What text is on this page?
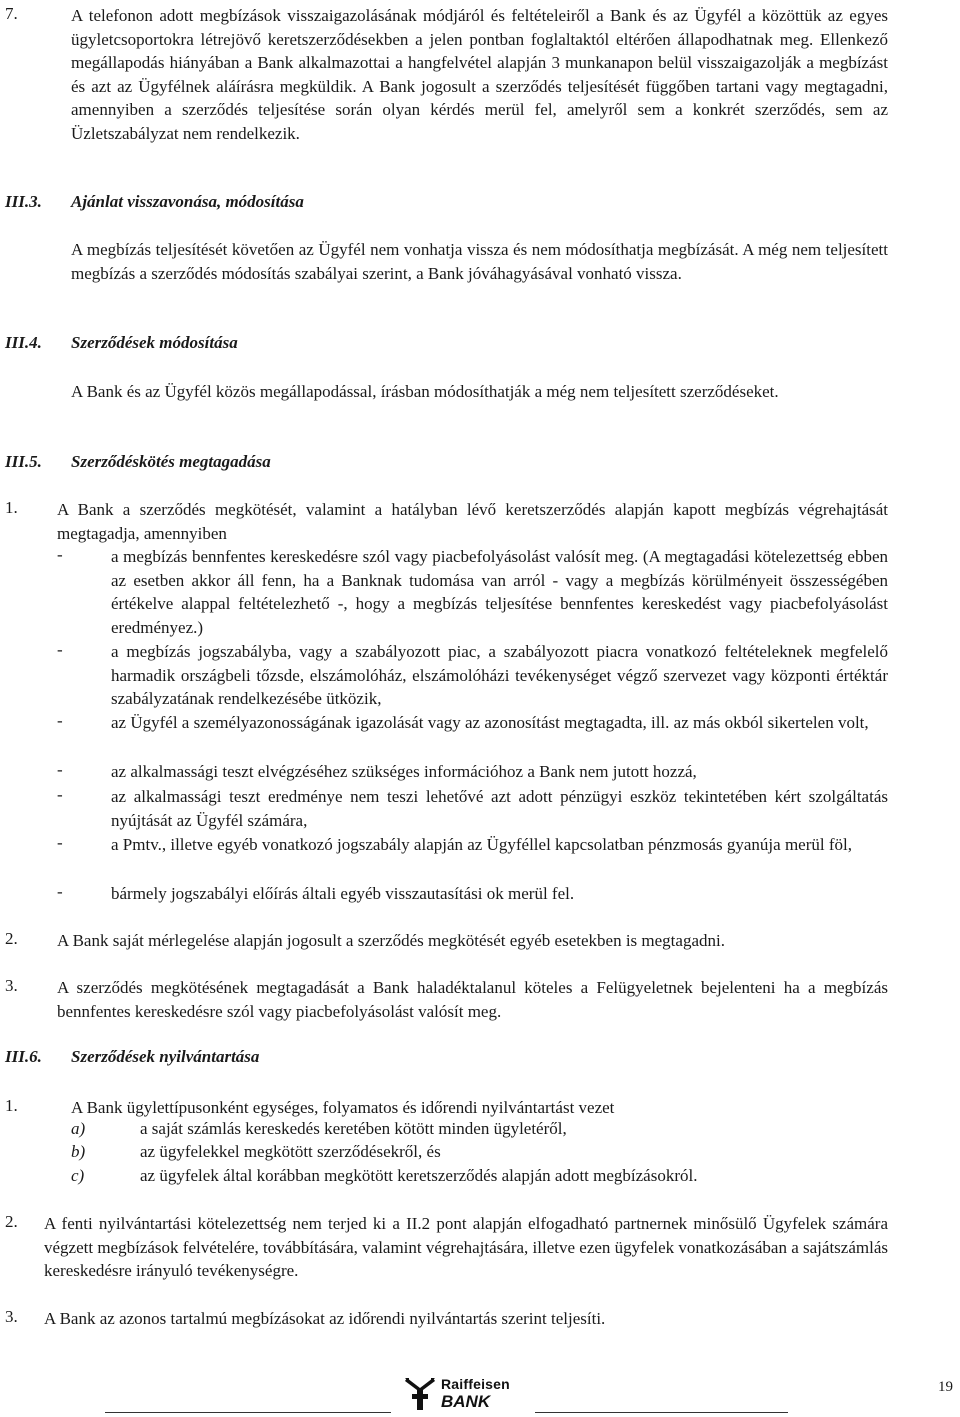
7.	A telefonon adott megbízások visszaigazolásának módjáról és feltételeiről a Bank és az Ügyfél a közöttük az egyes ügyletcsoportokra létrejövő keretszerződésekben a jelen pontban foglaltaktól eltérően állapodhatnak meg. Ellenkező megállapodás hiányában a Bank alkalmazottai a hangfelvétel alapján 3 munkanapon belül visszaigazolják a megbízást és azt az Ügyfélnek aláírásra megküldik. A Bank jogosult a szerződés teljesítését függőben tartani vagy megtagadni, amennyiben a szerződés teljesítése során olyan kérdés merül fel, amelyről sem a konkrét szerződés, sem az Üzletszabályzat nem rendelkezik.
III.3. Ajánlat visszavonása, módosítása
A megbízás teljesítését követően az Ügyfél nem vonhatja vissza és nem módosíthatja megbízását. A még nem teljesített megbízás a szerződés módosítás szabályai szerint, a Bank jóváhagyásával vonható vissza.
III.4. Szerződések módosítása
A Bank és az Ügyfél közös megállapodással, írásban módosíthatják a még nem teljesített szerződéseket.
III.5. Szerződéskötés megtagadása
1. A Bank a szerződés megkötését, valamint a hatályban lévő keretszerződés alapján kapott megbízás végrehajtását megtagadja, amennyiben
-	a megbízás bennfentes kereskedésre szól vagy piacbefolyásolást valósít meg. (A megtagadási kötelezettség ebben az esetben akkor áll fenn, ha a Banknak tudomása van arról - vagy a megbízás körülményeit összességében értékelve alappal feltételezhető -, hogy a megbízás teljesítése bennfentes kereskedést vagy piacbefolyásolást eredményez.)
-	a megbízás jogszabályba, vagy a szabályozott piac, a szabályozott piacra vonatkozó feltételeknek megfelelő harmadik országbeli tőzsde, elszámolóház, elszámolóházi tevékenységet végző szervezet vagy központi értéktár szabályzatának rendelkezésébe ütközik,
-	az Ügyfél a személyazonosságának igazolását vagy az azonosítást megtagadta, ill. az más okból sikertelen volt,
-	az alkalmassági teszt elvégzéséhez szükséges információhoz a Bank nem jutott hozzá,
-	az alkalmassági teszt eredménye nem teszi lehetővé azt adott pénzügyi eszköz tekintetében kért szolgáltatás nyújtását az Ügyfél számára,
-	a Pmtv., illetve egyéb vonatkozó jogszabály alapján az Ügyféllel kapcsolatban pénzmosás gyanúja merül föl,
-	bármely jogszabályi előírás általi egyéb visszautasítási ok merül fel.
2. A Bank saját mérlegelése alapján jogosult a szerződés megkötését egyéb esetekben is megtagadni.
3. A szerződés megkötésének megtagadását a Bank haladéktalanul köteles a Felügyeletnek bejelenteni ha a megbízás bennfentes kereskedésre szól vagy piacbefolyásolást valósít meg.
III.6. Szerződések nyilvántartása
1.	A Bank ügylettípusonként egységes, folyamatos és időrendi nyilvántartást vezet
a)	a saját számlás kereskedés keretében kötött minden ügyletéről,
b)	az ügyfelekkel megkötött szerződésekről, és
c)	az ügyfelek által korábban megkötött keretszerződés alapján adott megbízásokról.
2. A fenti nyilvántartási kötelezettség nem terjed ki a II.2 pont alapján elfogadható partnernek minősülő Ügyfelek számára végzett megbízások felvételére, továbbítására, valamint végrehajtására, illetve ezen ügyfelek vonatkozásában a sajátszámlás kereskedésre irányuló tevékenységre.
3. A Bank az azonos tartalmú megbízásokat az időrendi nyilvántartás szerint teljesíti.
19
Raiffeisen
BANK
